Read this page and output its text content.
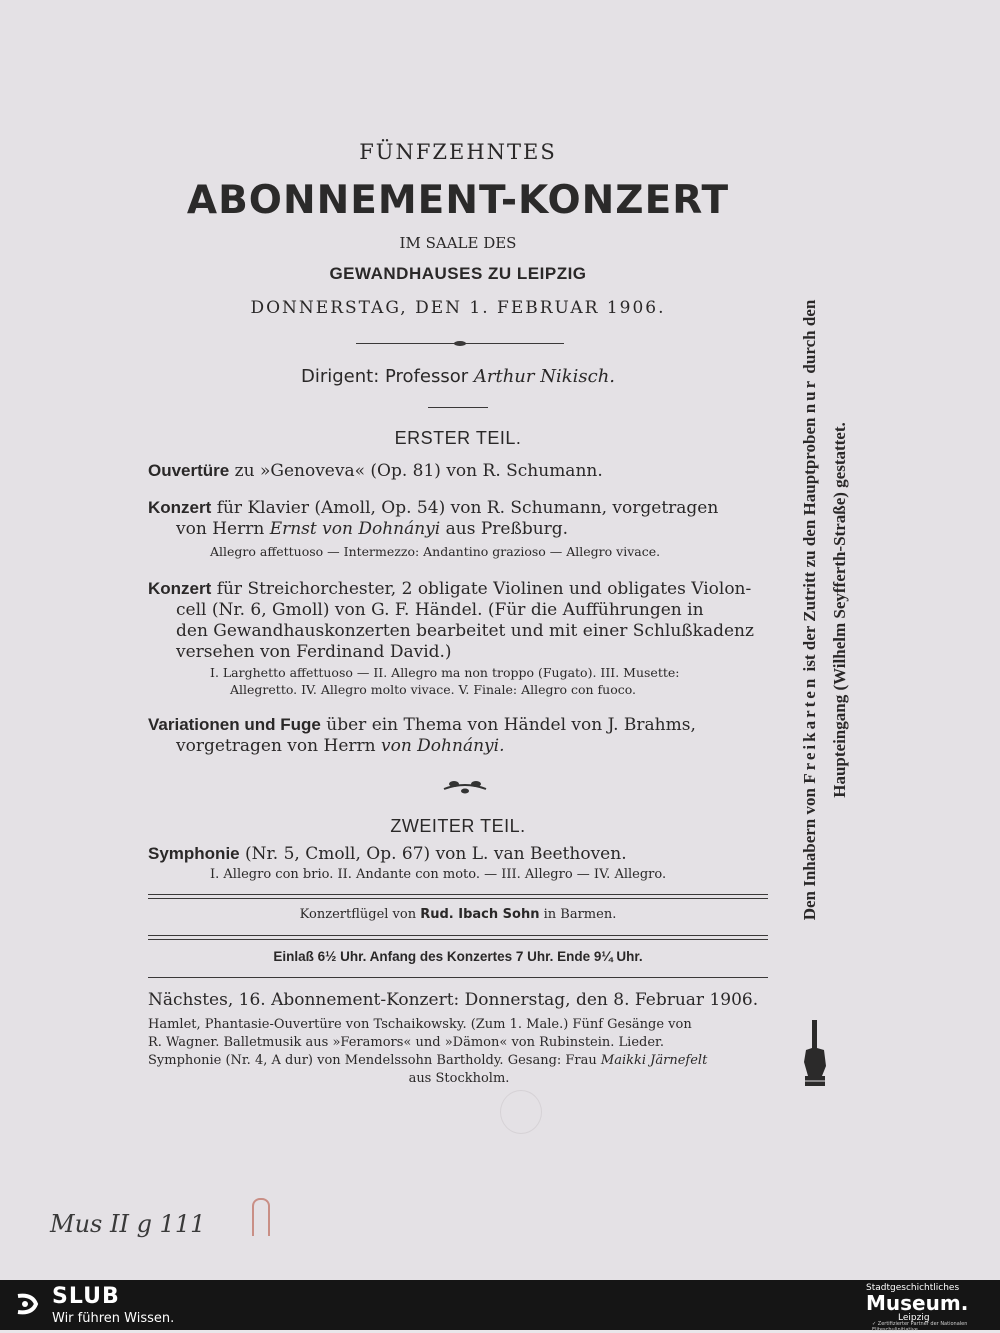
FÜNFZEHNTES
ABONNEMENT-KONZERT
IM SAALE DES
GEWANDHAUSES ZU LEIPZIG
DONNERSTAG, DEN 1. FEBRUAR 1906.
Dirigent: Professor Arthur Nikisch.
ERSTER TEIL.
Ouvertüre zu »Genoveva« (Op. 81) von R. Schumann.
Konzert für Klavier (Amoll, Op. 54) von R. Schumann, vorgetragen
von Herrn Ernst von Dohnányi aus Preßburg.
Allegro affettuoso — Intermezzo: Andantino grazioso — Allegro vivace.
Konzert für Streichorchester, 2 obligate Violinen und obligates Violon-
cell (Nr. 6, Gmoll) von G. F. Händel. (Für die Aufführungen in
den Gewandhauskonzerten bearbeitet und mit einer Schlußkadenz
versehen von Ferdinand David.)
I. Larghetto affettuoso — II. Allegro ma non troppo (Fugato). III. Musette:
Allegretto. IV. Allegro molto vivace. V. Finale: Allegro con fuoco.
Variationen und Fuge über ein Thema von Händel von J. Brahms,
vorgetragen von Herrn von Dohnányi.
ZWEITER TEIL.
Symphonie (Nr. 5, Cmoll, Op. 67) von L. van Beethoven.
I. Allegro con brio. II. Andante con moto. — III. Allegro — IV. Allegro.
Konzertflügel von Rud. Ibach Sohn in Barmen.
Einlaß 6½ Uhr. Anfang des Konzertes 7 Uhr. Ende 9¼ Uhr.
Nächstes, 16. Abonnement-Konzert: Donnerstag, den 8. Februar 1906.
Hamlet, Phantasie-Ouvertüre von Tschaikowsky. (Zum 1. Male.) Fünf Gesänge von
R. Wagner. Balletmusik aus »Feramors« und »Dämon« von Rubinstein. Lieder.
Symphonie (Nr. 4, A dur) von Mendelssohn Bartholdy. Gesang: Frau Maikki Järnefelt
aus Stockholm.
Den Inhabern von Freikarten ist der Zutritt zu den Hauptproben nur durch den
Haupteingang (Wilhelm Seyfferth-Straße) gestattet.
Mus II g 111
SLUB
Wir führen Wissen.
Stadtgeschichtliches
Museum.
Leipzig
✓ Zertifizierter Partner der Nationalen Eliteschulinitiative
